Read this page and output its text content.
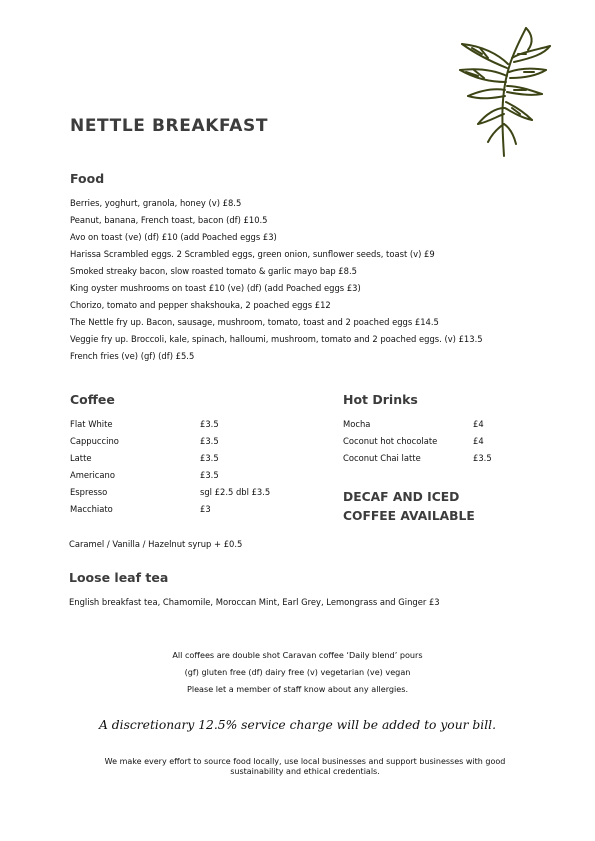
NETTLE BREAKFAST
Food
Berries, yoghurt, granola, honey (v) £8.5
Peanut, banana, French toast, bacon (df) £10.5
Avo on toast (ve) (df) £10 (add Poached eggs £3)
Harissa Scrambled eggs. 2 Scrambled eggs, green onion, sunflower seeds, toast (v) £9
Smoked streaky bacon, slow roasted tomato & garlic mayo bap £8.5
King oyster mushrooms on toast £10 (ve) (df) (add Poached eggs £3)
Chorizo, tomato and pepper shakshouka, 2 poached eggs £12
The Nettle fry up. Bacon, sausage, mushroom, tomato, toast and 2 poached eggs £14.5
Veggie fry up. Broccoli, kale, spinach, halloumi, mushroom, tomato and 2 poached eggs. (v) £13.5
French fries (ve) (gf) (df) £5.5
Coffee
Flat White	£3.5
Cappuccino	£3.5
Latte	£3.5
Americano	£3.5
Espresso	sgl £2.5 dbl £3.5
Macchiato	£3
Caramel / Vanilla / Hazelnut syrup + £0.5
Hot Drinks
Mocha	£4
Coconut hot chocolate	£4
Coconut Chai latte	£3.5
DECAF AND ICED
COFFEE AVAILABLE
Loose leaf tea
English breakfast tea, Chamomile, Moroccan Mint, Earl Grey, Lemongrass and Ginger £3
All coffees are double shot Caravan coffee ‘Daily blend’ pours
(gf) gluten free (df) dairy free (v) vegetarian (ve) vegan
Please let a member of staff know about any allergies.
A discretionary 12.5% service charge will be added to your bill.
We make every effort to source food locally, use local businesses and support businesses with good sustainability and ethical credentials.
